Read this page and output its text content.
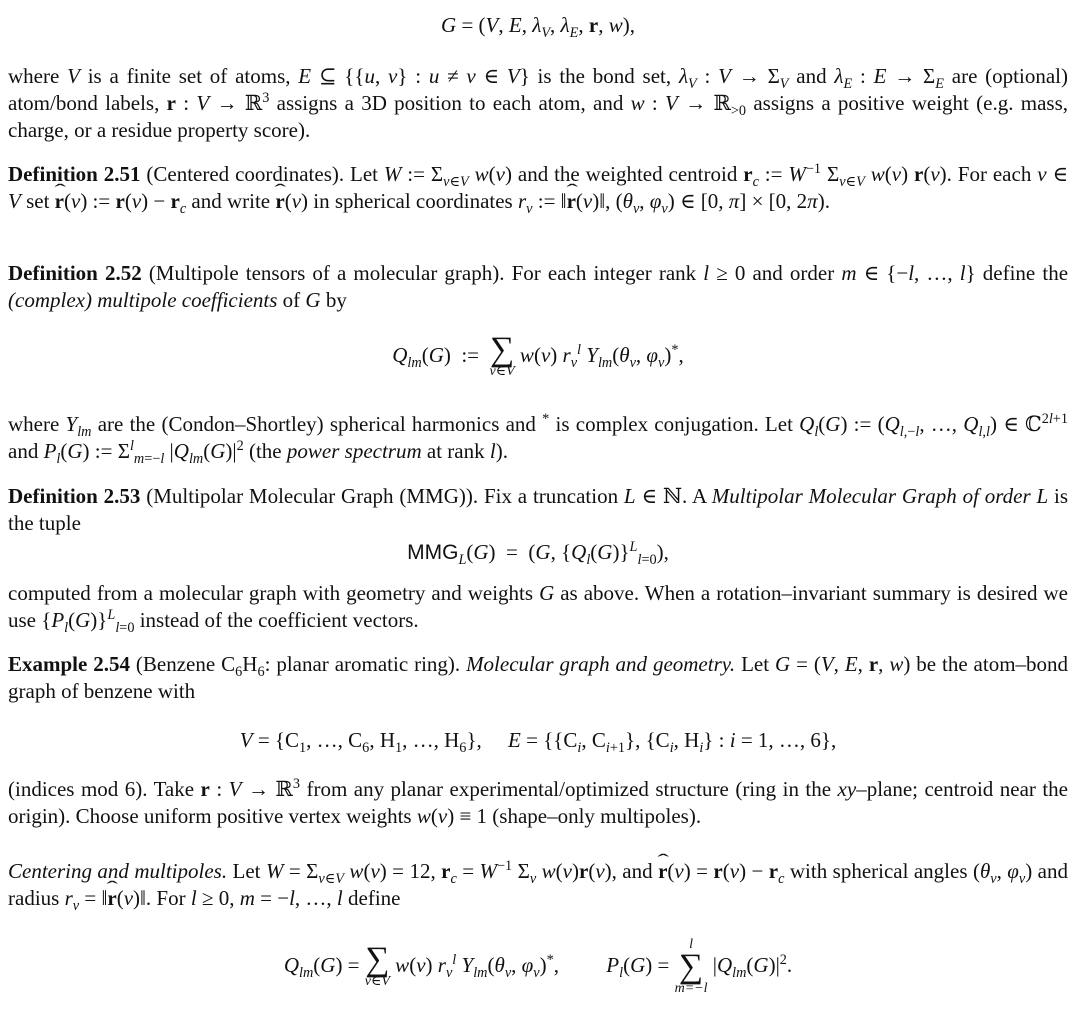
G = (V, E, $\lambda_V$, $\lambda_E$, r, w),

where V is a finite set of atoms, E ⊆ {{u, v} : u ≠ v ∈ V} is the bond set, $\lambda_V$ : $V \to \Sigma_V$ and $\lambda_E$ : $E \to \Sigma_E$ are (optional) atom/bond labels, r : V → ℝ$^3$ assigns a 3D position to each atom, and w : V → ℝ$_{>0}$ assigns a positive weight (e.g. mass, charge, or a residue property score).

Definition 2.51 (Centered coordinates). Let W := $\Sigma_{v\in V}$ w(v) and the weighted centroid $r_c$ := $W^{-1}$ $\Sigma_{v\in V}$ w(v) r(v). For each v ∈ V set ˆ r(v) := $r(v) - r_c$ and write ˆ r(v) in spherical coordinates $r_v$ := ‖ˆ r(v)‖, ($\theta_v$, $\varphi_v$) ∈ [0, π] × [0, 2π).

Definition 2.52 (Multipole tensors of a molecular graph). For each integer rank l ≥ 0 and order m ∈ {−l, …, l} define the (complex) multipole coefficients of G by

$Q_{lm}(G)$  := ∑
v∈V
w(v) $r_v^l$ $Y_{lm}(\theta_v$, $\varphi_v)^*$,

where $Y_{lm}$ are the (Condon–Shortley) spherical harmonics and * is complex conjugation. Let $Q_l(G)$ := ($Q_{l,-l}$, …, $Q_{l,l}$) ∈ ℂ$^{2l+1}$ and $P_l(G)$ := $\Sigma^l_{m=-l}$ $|Q_{lm}(G)|^2$ (the power spectrum at rank l).

Definition 2.53 (Multipolar Molecular Graph (MMG)). Fix a truncation L ∈ ℕ. A Multipolar Molecular Graph of order L is the tuple

$MMG_L(G) = (G$, $\{Q_l(G)\}^L_{l=0}$),

computed from a molecular graph with geometry and weights G as above. When a rotation–invariant summary is desired we use $\{P_l(G)\}^L_{l=0}$ instead of the coefficient vectors.

Example 2.54 (Benzene $C_6H_6$: planar aromatic ring). Molecular graph and geometry. Let G = (V, E, r, w) be the atom–bond graph of benzene with

$V = \{C_1$, …, $C_6$, $H_1$, …, $H_6$},     $E = \{\{C_i$, $C_{i+1}$}, {$C_i$, $H_i$} : i = 1, …, 6},

(indices mod 6). Take r : V → ℝ$^3$ from any planar experimental/optimized structure (ring in the xy–plane; centroid near the origin). Choose uniform positive vertex weights w(v) ≡ 1 (shape–only multipoles).

Centering and multipoles. Let $W = \Sigma_{v\in V}$ w(v) = 12, $r_c = W^{-1}$ $\Sigma_v$ w(v)r(v), and ˆ $r(v) = r(v) - r_c$ with spherical angles ($\theta_v$, $\varphi_v$) and radius $r_v$ = ‖ˆ r(v)‖. For l ≥ 0, m = −l, …, l define

$Q_{lm}(G)$ = ∑
v∈V
w(v) $r_v^l$ $Y_{lm}(\theta_v$, $\varphi_v)^*$,         $P_l(G)$ =
l
∑
m=−l
$|Q_{lm}(G)|^2$.
